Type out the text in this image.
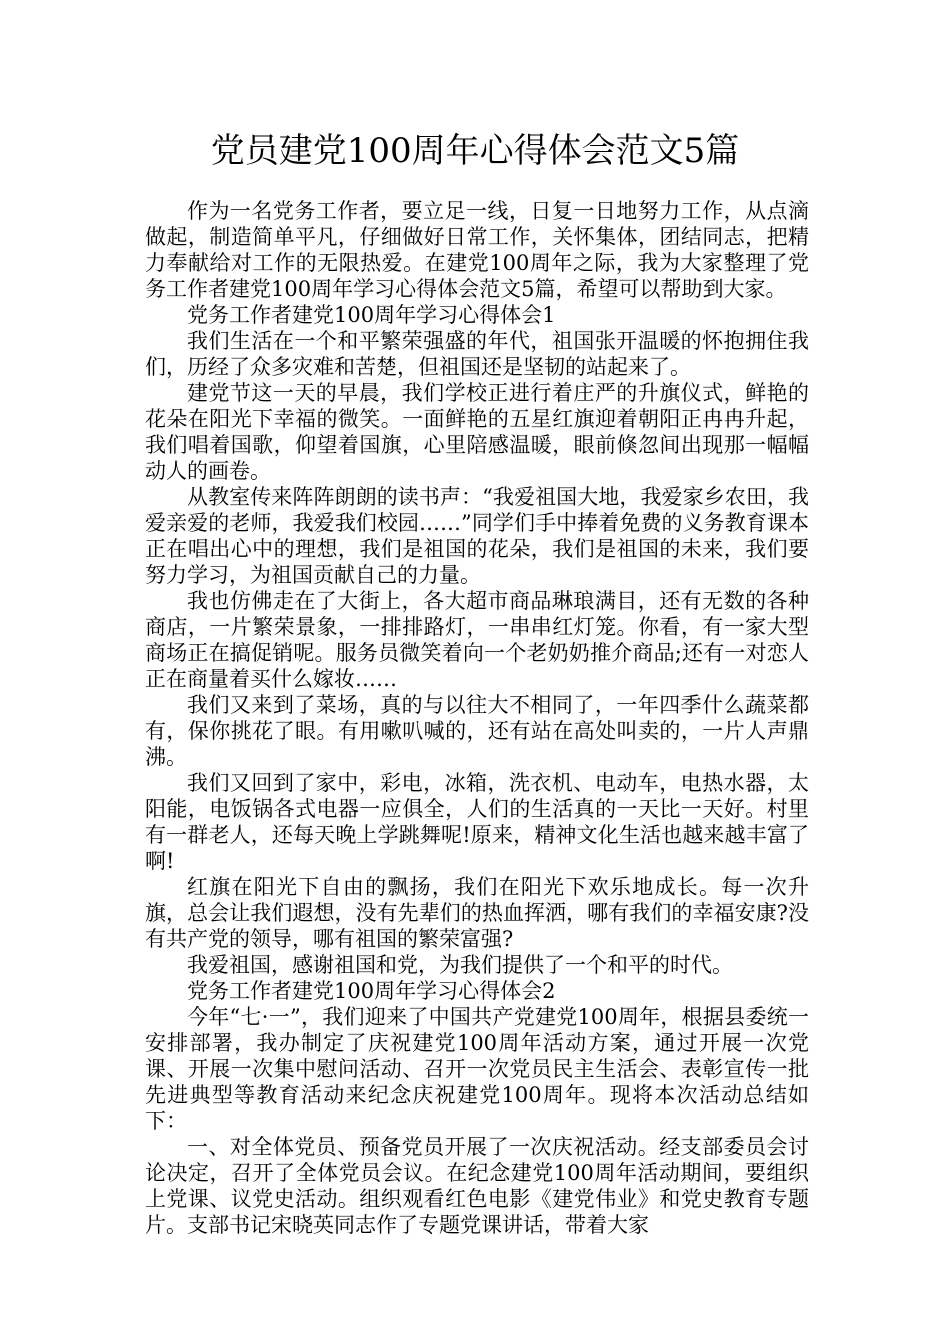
党员建党100周年心得体会范文5篇

作为一名党务工作者，要立足一线，日复一日地努力工作，从点滴做起，制造简单平凡，仔细做好日常工作，关怀集体，团结同志，把精力奉献给对工作的无限热爱。在建党100周年之际，我为大家整理了党务工作者建党100周年学习心得体会范文5篇，希望可以帮助到大家。

党务工作者建党100周年学习心得体会1

我们生活在一个和平繁荣强盛的年代，祖国张开温暖的怀抱拥住我们，历经了众多灾难和苦楚，但祖国还是坚韧的站起来了。

建党节这一天的早晨，我们学校正进行着庄严的升旗仪式，鲜艳的花朵在阳光下幸福的微笑。一面鲜艳的五星红旗迎着朝阳正冉冉升起，我们唱着国歌，仰望着国旗，心里陪感温暖，眼前倏忽间出现那一幅幅动人的画卷。

从教室传来阵阵朗朗的读书声：“我爱祖国大地，我爱家乡农田，我爱亲爱的老师，我爱我们校园……”同学们手中捧着免费的义务教育课本正在唱出心中的理想，我们是祖国的花朵，我们是祖国的未来，我们要努力学习，为祖国贡献自己的力量。

我也仿佛走在了大街上，各大超市商品琳琅满目，还有无数的各种商店，一片繁荣景象，一排排路灯，一串串红灯笼。你看，有一家大型商场正在搞促销呢。服务员微笑着向一个老奶奶推介商品;还有一对恋人正在商量着买什么嫁妆……

我们又来到了菜场，真的与以往大不相同了，一年四季什么蔬菜都有，保你挑花了眼。有用嗽叭喊的，还有站在高处叫卖的，一片人声鼎沸。

我们又回到了家中，彩电，冰箱，洗衣机、电动车，电热水器，太阳能，电饭锅各式电器一应俱全，人们的生活真的一天比一天好。村里有一群老人，还每天晚上学跳舞呢!原来，精神文化生活也越来越丰富了啊!

红旗在阳光下自由的飘扬，我们在阳光下欢乐地成长。每一次升旗，总会让我们遐想，没有先辈们的热血挥洒，哪有我们的幸福安康?没有共产党的领导，哪有祖国的繁荣富强?

我爱祖国，感谢祖国和党，为我们提供了一个和平的时代。

党务工作者建党100周年学习心得体会2

今年“七·一”，我们迎来了中国共产党建党100周年，根据县委统一安排部署，我办制定了庆祝建党100周年活动方案，通过开展一次党课、开展一次集中慰问活动、召开一次党员民主生活会、表彰宣传一批先进典型等教育活动来纪念庆祝建党100周年。现将本次活动总结如下：

一、对全体党员、预备党员开展了一次庆祝活动。经支部委员会讨论决定，召开了全体党员会议。在纪念建党100周年活动期间，要组织上党课、议党史活动。组织观看红色电影《建党伟业》和党史教育专题片。支部书记宋晓英同志作了专题党课讲话，带着大家
